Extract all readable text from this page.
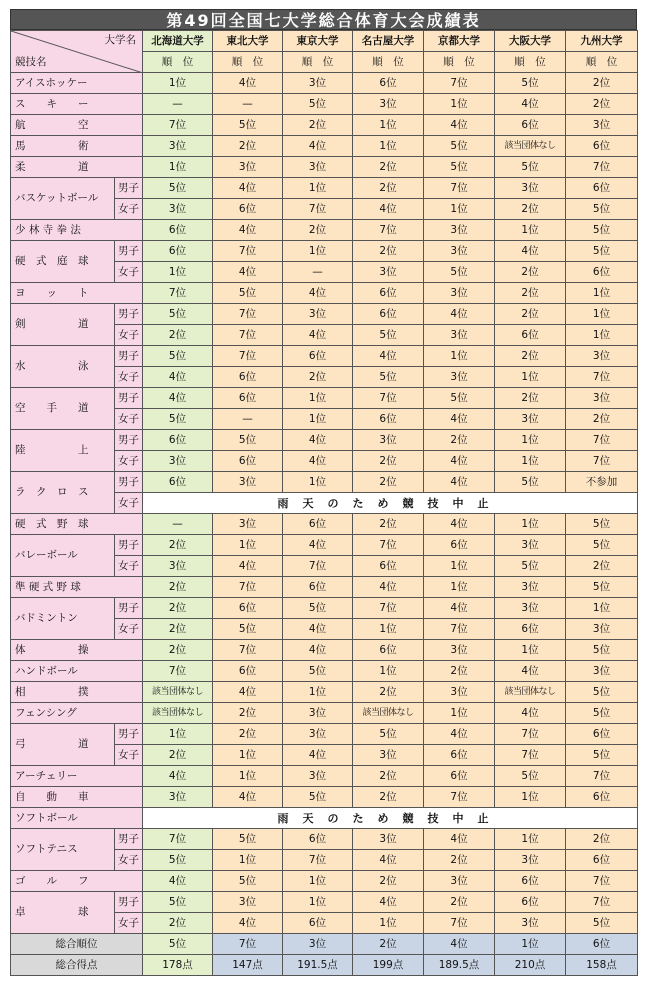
第49回全国七大学総合体育大会成績表
大学名
競技名		北海道大学	東北大学	東京大学	名古屋大学	京都大学	大阪大学	九州大学
		順　位	順　位	順　位	順　位	順　位	順　位	順　位
アイスホッケー		1位	4位	3位	6位	7位	5位	2位
ス　　キ　　ー		—	—	5位	3位	1位	4位	2位
航　　　　　空		7位	5位	2位	1位	4位	6位	3位
馬　　　　　術		3位	2位	4位	1位	5位	該当団体なし	6位
柔　　　　　道		1位	3位	3位	2位	5位	5位	7位
バスケットボール	男子	5位	4位	1位	2位	7位	3位	6位
	女子	3位	6位	7位	4位	1位	2位	5位
少 林 寺 拳 法		6位	4位	2位	7位	3位	1位	5位
硬　式　庭　球	男子	6位	7位	1位	2位	3位	4位	5位
	女子	1位	4位	—	3位	5位	2位	6位
ヨ　　ッ　　ト		7位	5位	4位	6位	3位	2位	1位
剣　　　　　道	男子	5位	7位	3位	6位	4位	2位	1位
	女子	2位	7位	4位	5位	3位	6位	1位
水　　　　　泳	男子	5位	7位	6位	4位	1位	2位	3位
	女子	4位	6位	2位	5位	3位	1位	7位
空　　手　　道	男子	4位	6位	1位	7位	5位	2位	3位
	女子	5位	—	1位	6位	4位	3位	2位
陸　　　　　上	男子	6位	5位	4位	3位	2位	1位	7位
	女子	3位	6位	4位	2位	4位	1位	7位
ラ　ク　ロ　ス	男子	6位	3位	1位	2位	4位	5位	不参加
	女子	雨天のため競技中止						
硬　式　野　球		—	3位	6位	2位	4位	1位	5位
バレーボール	男子	2位	1位	4位	7位	6位	3位	5位
	女子	3位	4位	7位	6位	1位	5位	2位
準 硬 式 野 球		2位	7位	6位	4位	1位	3位	5位
バドミントン	男子	2位	6位	5位	7位	4位	3位	1位
	女子	2位	5位	4位	1位	7位	6位	3位
体　　　　　操		2位	7位	4位	6位	3位	1位	5位
ハンドボール		7位	6位	5位	1位	2位	4位	3位
相　　　　　撲		該当団体なし	4位	1位	2位	3位	該当団体なし	5位
フェンシング		該当団体なし	2位	3位	該当団体なし	1位	4位	5位
弓　　　　　道	男子	1位	2位	3位	5位	4位	7位	6位
	女子	2位	1位	4位	3位	6位	7位	5位
アーチェリー		4位	1位	3位	2位	6位	5位	7位
自　　動　　車		3位	4位	5位	2位	7位	1位	6位
ソフトボール		雨天のため競技中止						
ソフトテニス	男子	7位	5位	6位	3位	4位	1位	2位
	女子	5位	1位	7位	4位	2位	3位	6位
ゴ　　ル　　フ		4位	5位	1位	2位	3位	6位	7位
卓　　　　　球	男子	5位	3位	1位	4位	2位	6位	7位
	女子	2位	4位	6位	1位	7位	3位	5位
総合順位		5位	7位	3位	2位	4位	1位	6位
総合得点		178点	147点	191.5点	199点	189.5点	210点	158点
